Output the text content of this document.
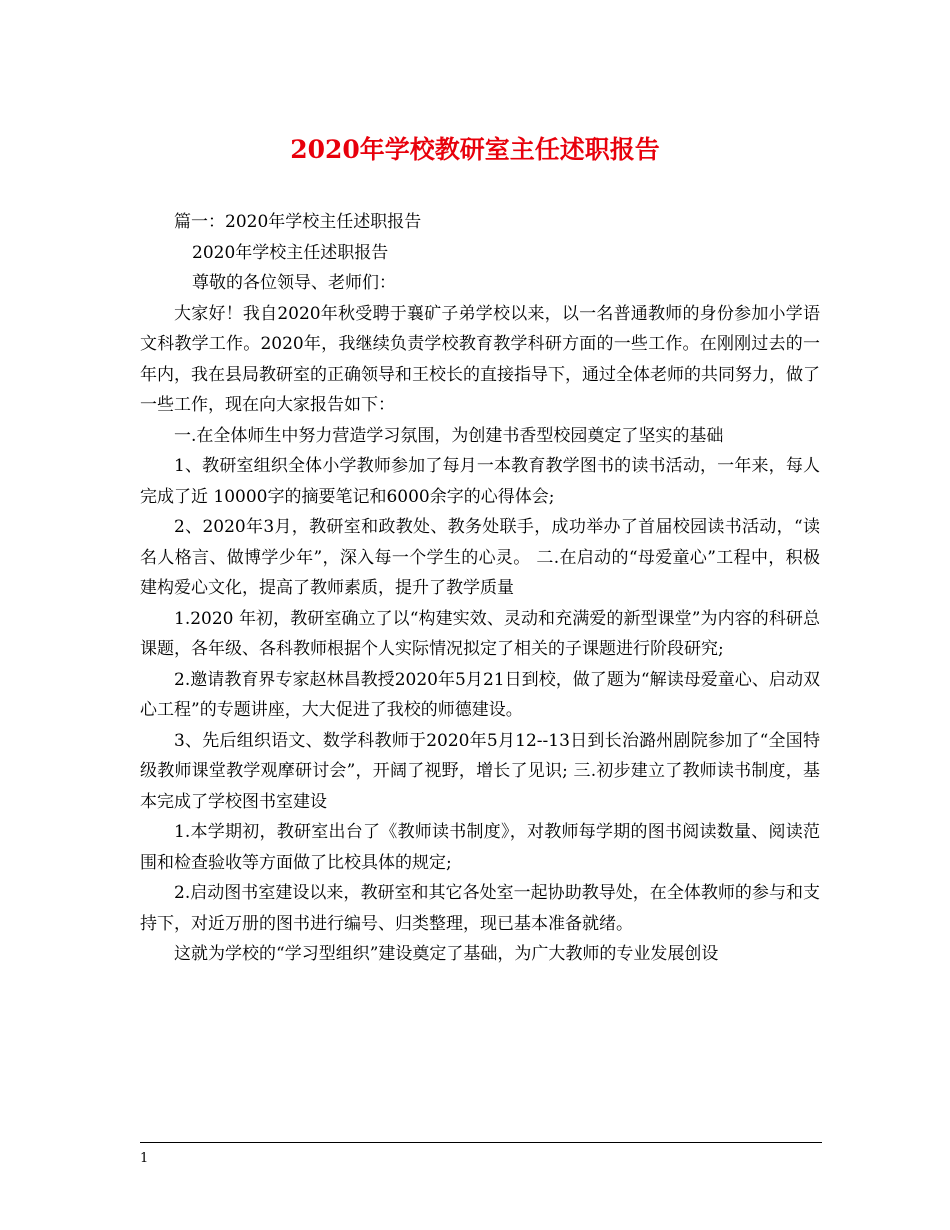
2020年学校教研室主任述职报告

篇一：2020年学校主任述职报告

2020年学校主任述职报告

尊敬的各位领导、老师们：

大家好！我自2020年秋受聘于襄矿子弟学校以来，以一名普通教师的身份参加小学语文科教学工作。2020年，我继续负责学校教育教学科研方面的一些工作。在刚刚过去的一年内，我在县局教研室的正确领导和王校长的直接指导下，通过全体老师的共同努力，做了一些工作，现在向大家报告如下：

一.在全体师生中努力营造学习氛围，为创建书香型校园奠定了坚实的基础

1、教研室组织全体小学教师参加了每月一本教育教学图书的读书活动，一年来，每人完成了近 10000字的摘要笔记和6000余字的心得体会;

2、2020年3月，教研室和政教处、教务处联手，成功举办了首届校园读书活动，“读名人格言、做博学少年”，深入每一个学生的心灵。 二.在启动的“母爱童心”工程中，积极建构爱心文化，提高了教师素质，提升了教学质量

1.2020 年初，教研室确立了以“构建实效、灵动和充满爱的新型课堂”为内容的科研总课题，各年级、各科教师根据个人实际情况拟定了相关的子课题进行阶段研究;

2.邀请教育界专家赵林昌教授2020年5月21日到校，做了题为“解读母爱童心、启动双心工程”的专题讲座，大大促进了我校的师德建设。

3、先后组织语文、数学科教师于2020年5月12--13日到长治潞州剧院参加了“全国特级教师课堂教学观摩研讨会”，开阔了视野，增长了见识; 三.初步建立了教师读书制度，基本完成了学校图书室建设

1.本学期初，教研室出台了《教师读书制度》，对教师每学期的图书阅读数量、阅读范围和检查验收等方面做了比校具体的规定;

2.启动图书室建设以来，教研室和其它各处室一起协助教导处，在全体教师的参与和支持下，对近万册的图书进行编号、归类整理，现已基本准备就绪。

这就为学校的“学习型组织”建设奠定了基础，为广大教师的专业发展创设

1
